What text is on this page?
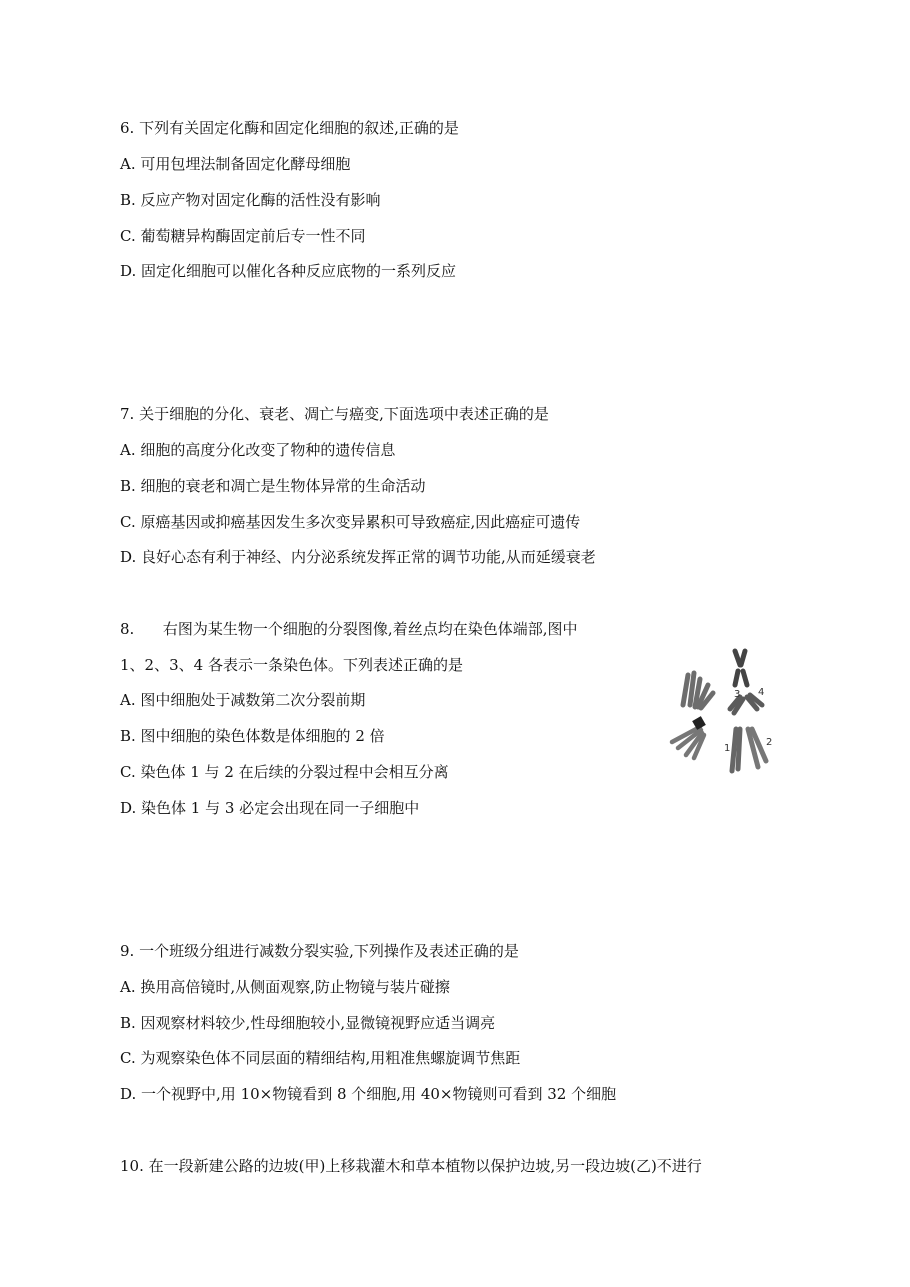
6. 下列有关固定化酶和固定化细胞的叙述,正确的是
A. 可用包埋法制备固定化酵母细胞
B. 反应产物对固定化酶的活性没有影响
C. 葡萄糖异构酶固定前后专一性不同
D. 固定化细胞可以催化各种反应底物的一系列反应
7. 关于细胞的分化、衰老、凋亡与癌变,下面选项中表述正确的是
A. 细胞的高度分化改变了物种的遗传信息
B. 细胞的衰老和凋亡是生物体异常的生命活动
C. 原癌基因或抑癌基因发生多次变异累积可导致癌症,因此癌症可遗传
D. 良好心态有利于神经、内分泌系统发挥正常的调节功能,从而延缓衰老
8.      右图为某生物一个细胞的分裂图像,着丝点均在染色体端部,图中
1、2、3、4 各表示一条染色体。下列表述正确的是
A. 图中细胞处于减数第二次分裂前期
B. 图中细胞的染色体数是体细胞的 2 倍
C. 染色体 1 与 2 在后续的分裂过程中会相互分离
D. 染色体 1 与 3 必定会出现在同一子细胞中
1
2
3 4
9. 一个班级分组进行减数分裂实验,下列操作及表述正确的是
A. 换用高倍镜时,从侧面观察,防止物镜与装片碰擦
B. 因观察材料较少,性母细胞较小,显微镜视野应适当调亮
C. 为观察染色体不同层面的精细结构,用粗准焦螺旋调节焦距
D. 一个视野中,用 10×物镜看到 8 个细胞,用 40×物镜则可看到 32 个细胞
10. 在一段新建公路的边坡(甲)上移栽灌木和草本植物以保护边坡,另一段边坡(乙)不进行
